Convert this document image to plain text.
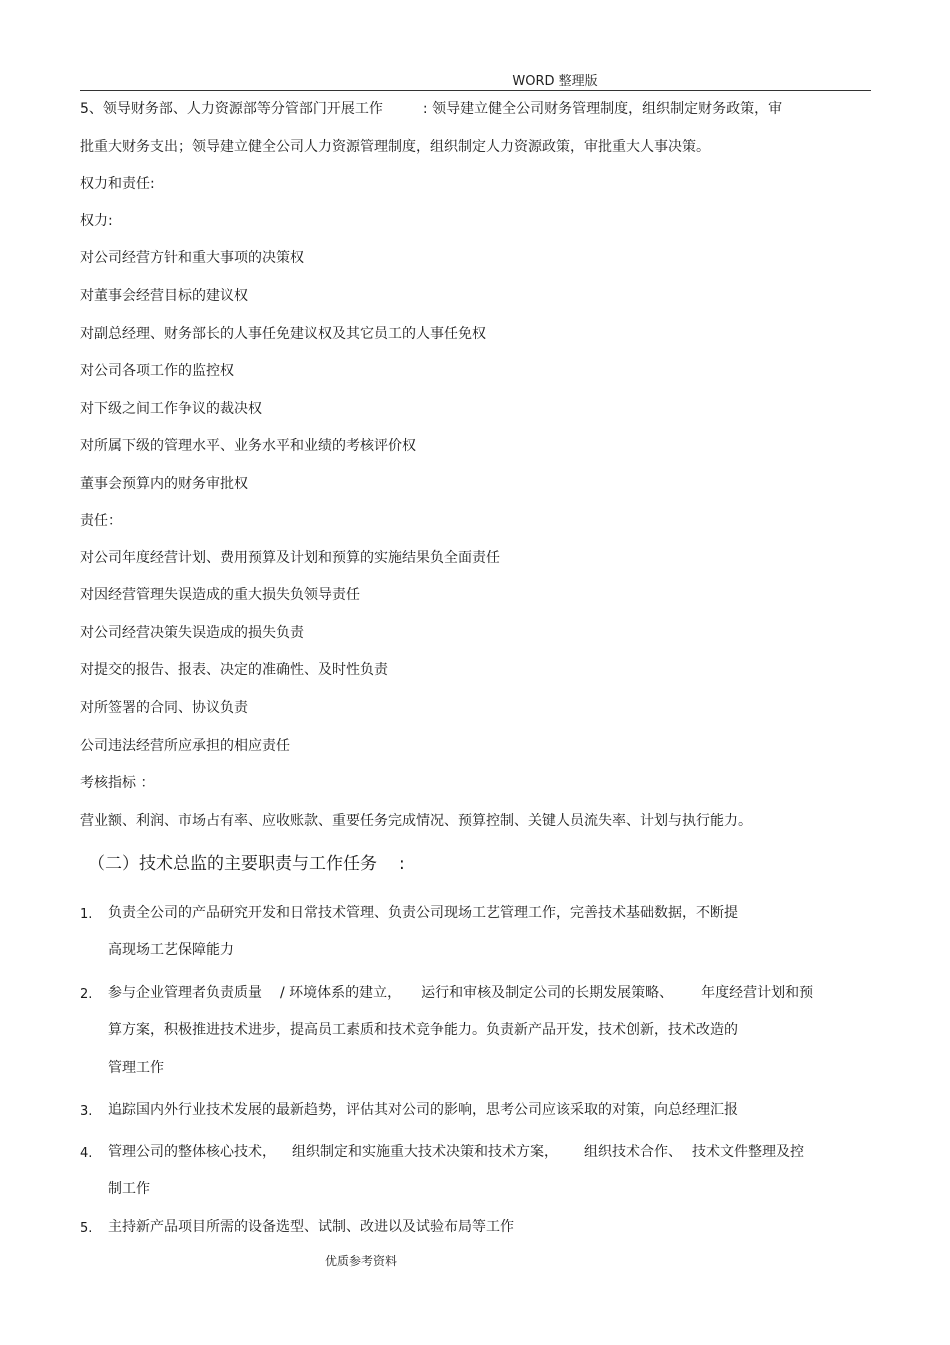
WORD 整理版
5、领导财务部、人力资源部等分管部门开展工作	: 领导建立健全公司财务管理制度，组织制定财务政策，审
批重大财务支出；领导建立健全公司人力资源管理制度，组织制定人力资源政策，审批重大人事决策。
权力和责任:
权力:
对公司经营方针和重大事项的决策权
对董事会经营目标的建议权
对副总经理、财务部长的人事任免建议权及其它员工的人事任免权
对公司各项工作的监控权
对下级之间工作争议的裁决权
对所属下级的管理水平、业务水平和业绩的考核评价权
董事会预算内的财务审批权
责任：
对公司年度经营计划、费用预算及计划和预算的实施结果负全面责任
对因经营管理失误造成的重大损失负领导责任
对公司经营决策失误造成的损失负责
对提交的报告、报表、决定的准确性、及时性负责
对所签署的合同、协议负责
公司违法经营所应承担的相应责任
考核指标 ：
营业额、利润、市场占有率、应收账款、重要任务完成情况、预算控制、关键人员流失率、计划与执行能力。
（二）技术总监的主要职责与工作任务 :
1. 负责全公司的产品研究开发和日常技术管理、负责公司现场工艺管理工作，完善技术基础数据，不断提
高现场工艺保障能力
2. 参与企业管理者负责质量 / 环境体系的建立， 运行和审核及制定公司的长期发展策略、 年度经营计划和预
算方案，积极推进技术进步，提高员工素质和技术竞争能力。负责新产品开发，技术创新，技术改造的
管理工作
3. 追踪国内外行业技术发展的最新趋势，评估其对公司的影响，思考公司应该采取的对策，向总经理汇报
4. 管理公司的整体核心技术， 组织制定和实施重大技术决策和技术方案， 组织技术合作、 技术文件整理及控
制工作
5. 主持新产品项目所需的设备选型、试制、改进以及试验布局等工作
优质参考资料
